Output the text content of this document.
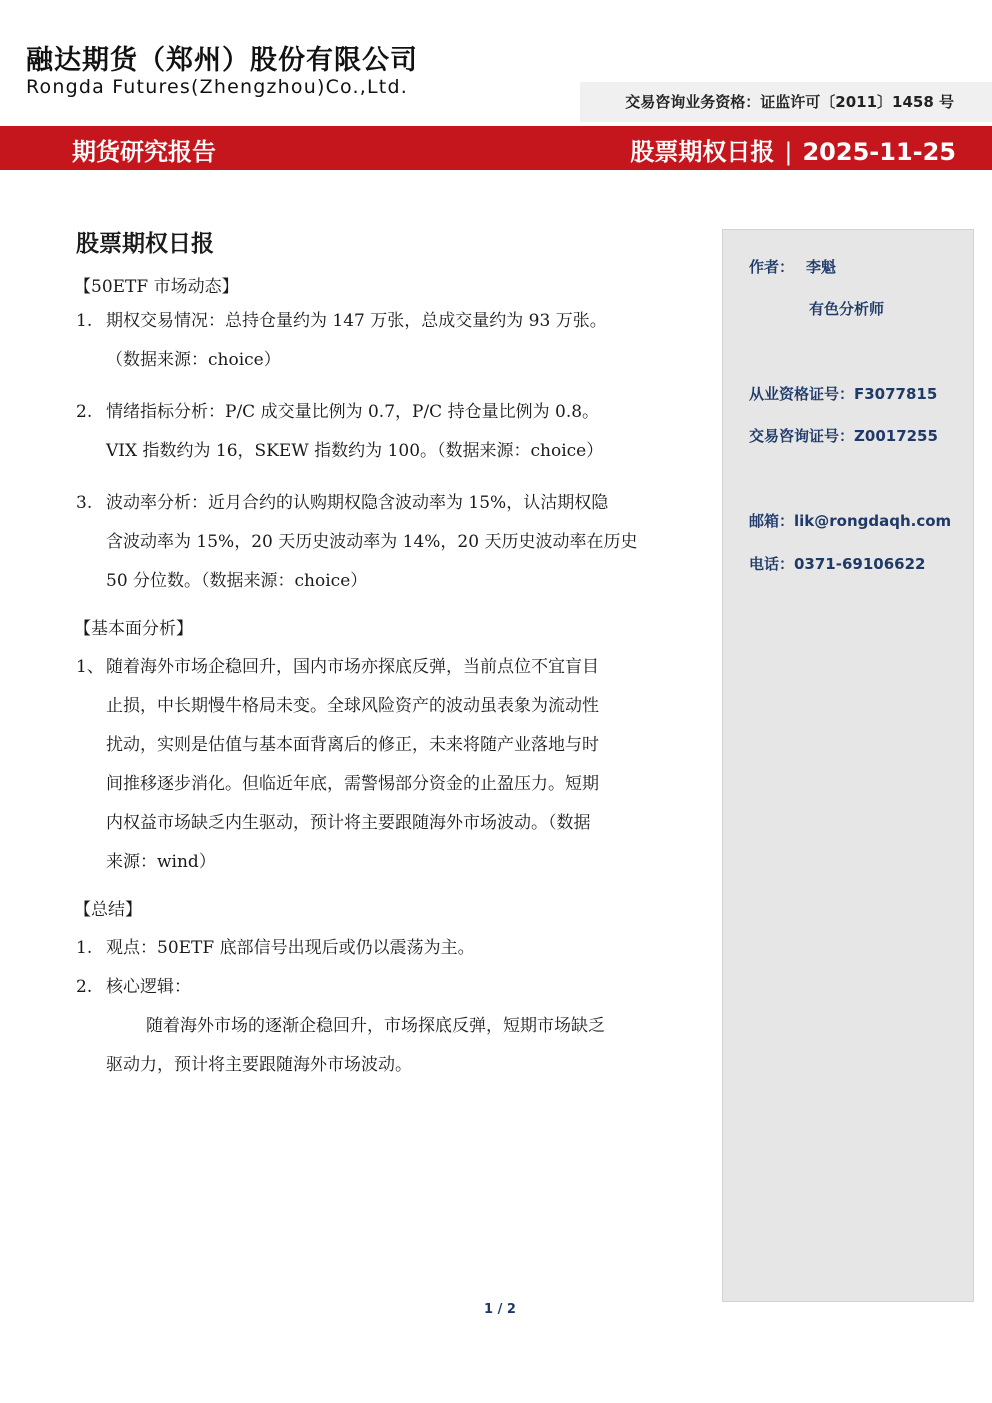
融达期货（郑州）股份有限公司
Rongda Futures(Zhengzhou)Co.,Ltd.
交易咨询业务资格：证监许可〔2011〕1458 号
期货研究报告	股票期权日报 | 2025-11-25
股票期权日报
【50ETF 市场动态】
1. 期权交易情况：总持仓量约为 147 万张，总成交量约为 93 万张。
（数据来源：choice）
2. 情绪指标分析：P/C 成交量比例为 0.7，P/C 持仓量比例为 0.8。
VIX 指数约为 16，SKEW 指数约为 100。（数据来源：choice）
3. 波动率分析：近月合约的认购期权隐含波动率为 15%，认沽期权隐
含波动率为 15%，20 天历史波动率为 14%，20 天历史波动率在历史
50 分位数。（数据来源：choice）
【基本面分析】
1、 随着海外市场企稳回升，国内市场亦探底反弹，当前点位不宜盲目
止损，中长期慢牛格局未变。全球风险资产的波动虽表象为流动性
扰动，实则是估值与基本面背离后的修正，未来将随产业落地与时
间推移逐步消化。但临近年底，需警惕部分资金的止盈压力。短期
内权益市场缺乏内生驱动，预计将主要跟随海外市场波动。（数据
来源：wind）
【总结】
1. 观点：50ETF 底部信号出现后或仍以震荡为主。
2. 核心逻辑：
随着海外市场的逐渐企稳回升，市场探底反弹，短期市场缺乏
驱动力，预计将主要跟随海外市场波动。
作者： 李魁
有色分析师
从业资格证号：F3077815
交易咨询证号：Z0017255
邮箱：lik@rongdaqh.com
电话：0371-69106622
1 / 2
